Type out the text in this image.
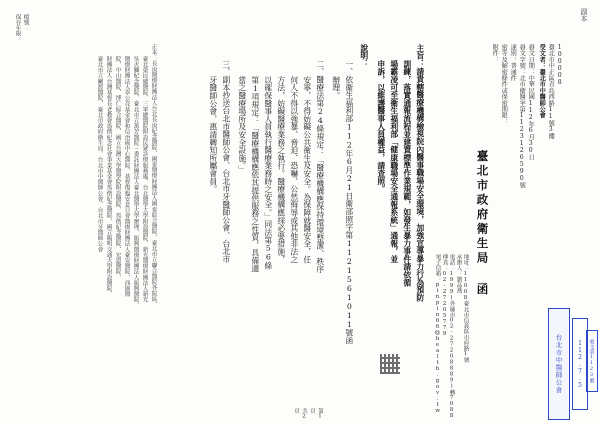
副本
檔號：
保存年限：
100008
臺北市中正區青島西路11號3樓
受文者：臺北市中醫師公會
發文日期：中華民國112年6月30日
發文字號：北市衛醫字第1123126590號
速別：普通件
密等及解密條件或保密期限：
附件：
臺北市政府衛生局 函
地址：11008臺北市信義區市府路1號
承辦人：劉品燕
電話：1999(外縣市02-27208889)轉7088
傳真：02-27205779
電子信箱：pinpin66@health.gov.tw
主旨：請貴轄醫療機構檢視院內醫事職場安全環境，加強宣導暴力行為預防
訓練，落實通報流程並建置標準作業規範，如發生暴力事件請依循
場霸凌可至衛生福利部「健康職場安全通報系統」通報，並
申訴，以維護醫事人員權益，請查照。
說明：
一、依衛生福利部112年6月21日衛部照字第1121561011號函
辦理。
二、醫療法第24條規定：「醫療機構應保持環境整潔、秩序
安寧，不得妨礙公共衛生及安全。為保障就醫安全，任
何人不得以強暴、脅迫、恐嚇、公然侮辱或其他非法之
方法，妨礙醫療業務之執行。醫療機構應採必要措施，
以確保醫事人員執行醫療業務時之安全。」同法第56條
第1項規定：「醫療機構應依其提供服務之性質，具備適
當之醫療場所及安全設施。」
三、副本抄送台北市醫師公會、台北市牙醫師公會、台北市
牙醫師公會，惠請轉知所屬會員。
正本：長庚醫療財團法人台北長庚紀念醫院、國泰醫療財團法人國泰綜合醫院、臺北市立聯合醫院各院區、
臺北榮民總醫院、三軍總醫院附設民眾診療服務處、台北醫學大學附設醫院、新光醫療財團法人新光
吳火獅紀念醫院、臺北市立萬芳醫院－委託財團法人臺北醫學大學辦理、振興醫療財團法人振興醫院、
醫療財團法人辜公亮基金會和信治癌中心醫院、基督復臨安息日會醫療財團法人臺安醫院、西園醫
院、中山醫院、博仁綜合醫院、國立台灣大學醫學院附設醫院、馬偕紀念醫院、宏恩醫院、
財團法人台灣基督長老教會馬偕紀念社會事業基金會馬偕紀念醫院、國立陽明交通大學附設醫院、
臺北市立關渡醫院、臺北市政府衛生局、台北市中醫師公會、台北市牙醫師公會
台北市中醫師公會 112.7.5 收文第1123號
第1頁 共2頁
